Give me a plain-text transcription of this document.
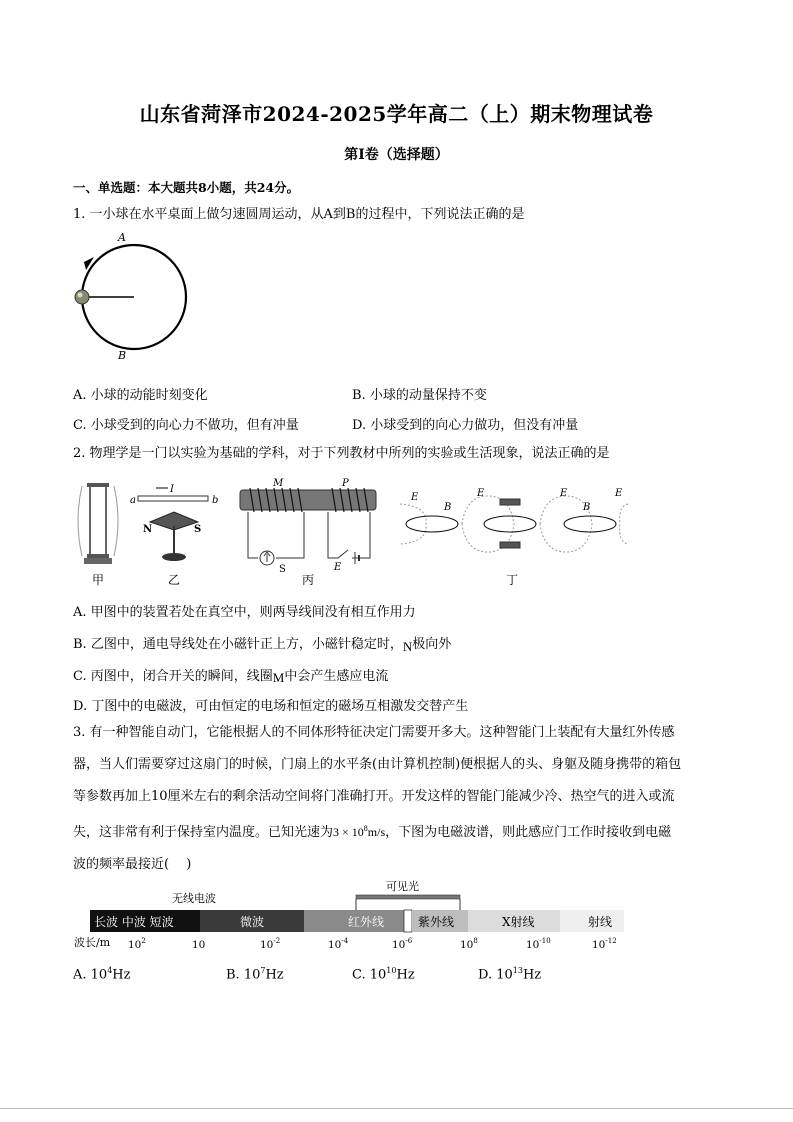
山东省菏泽市2024-2025学年高二（上）期末物理试卷
第I卷（选择题）
一、单选题：本大题共8小题，共24分。
1. 一小球在水平桌面上做匀速圆周运动，从A到B的过程中，下列说法正确的是
A
B
A. 小球的动能时刻变化	B. 小球的动量保持不变
C. 小球受到的向心力不做功，但有冲量	D. 小球受到的向心力做功，但没有冲量
2. 物理学是一门以实验为基础的学科，对于下列教材中所列的实验或生活现象，说法正确的是
甲
a	b
I
N	S
乙
M	P
S	E
丙
E
B
E	E
B
E
丁
A. 甲图中的装置若处在真空中，则两导线间没有相互作用力
B. 乙图中，通电导线处在小磁针正上方，小磁针稳定时，N极向外
C. 丙图中，闭合开关的瞬间，线圈M中会产生感应电流
D. 丁图中的电磁波，可由恒定的电场和恒定的磁场互相激发交替产生
3. 有一种智能自动门，它能根据人的不同体形特征决定门需要开多大。这种智能门上装配有大量红外传感
器，当人们需要穿过这扇门的时候，门扇上的水平条(由计算机控制)便根据人的头、身躯及随身携带的箱包
等参数再加上10厘米左右的剩余活动空间将门准确打开。开发这样的智能门能减少冷、热空气的进入或流
失，这非常有利于保持室内温度。已知光速为$3 \times 10^8m/s$，下图为电磁波谱，则此感应门工作时接收到电磁
波的频率最接近(　 )
无线电波
可见光
长波 中波 短波	微波	红外线	紫外线	X射线	射线
波长/m $10^2$	10	$10^{-2}$	$10^{-4}$	$10^{-6}$	$10^8$	$10^{-10}$	$10^{-12}$
A. $10^4Hz$	B. $10^7Hz$	C. $10^{10}Hz$	D. $10^{13}Hz$
